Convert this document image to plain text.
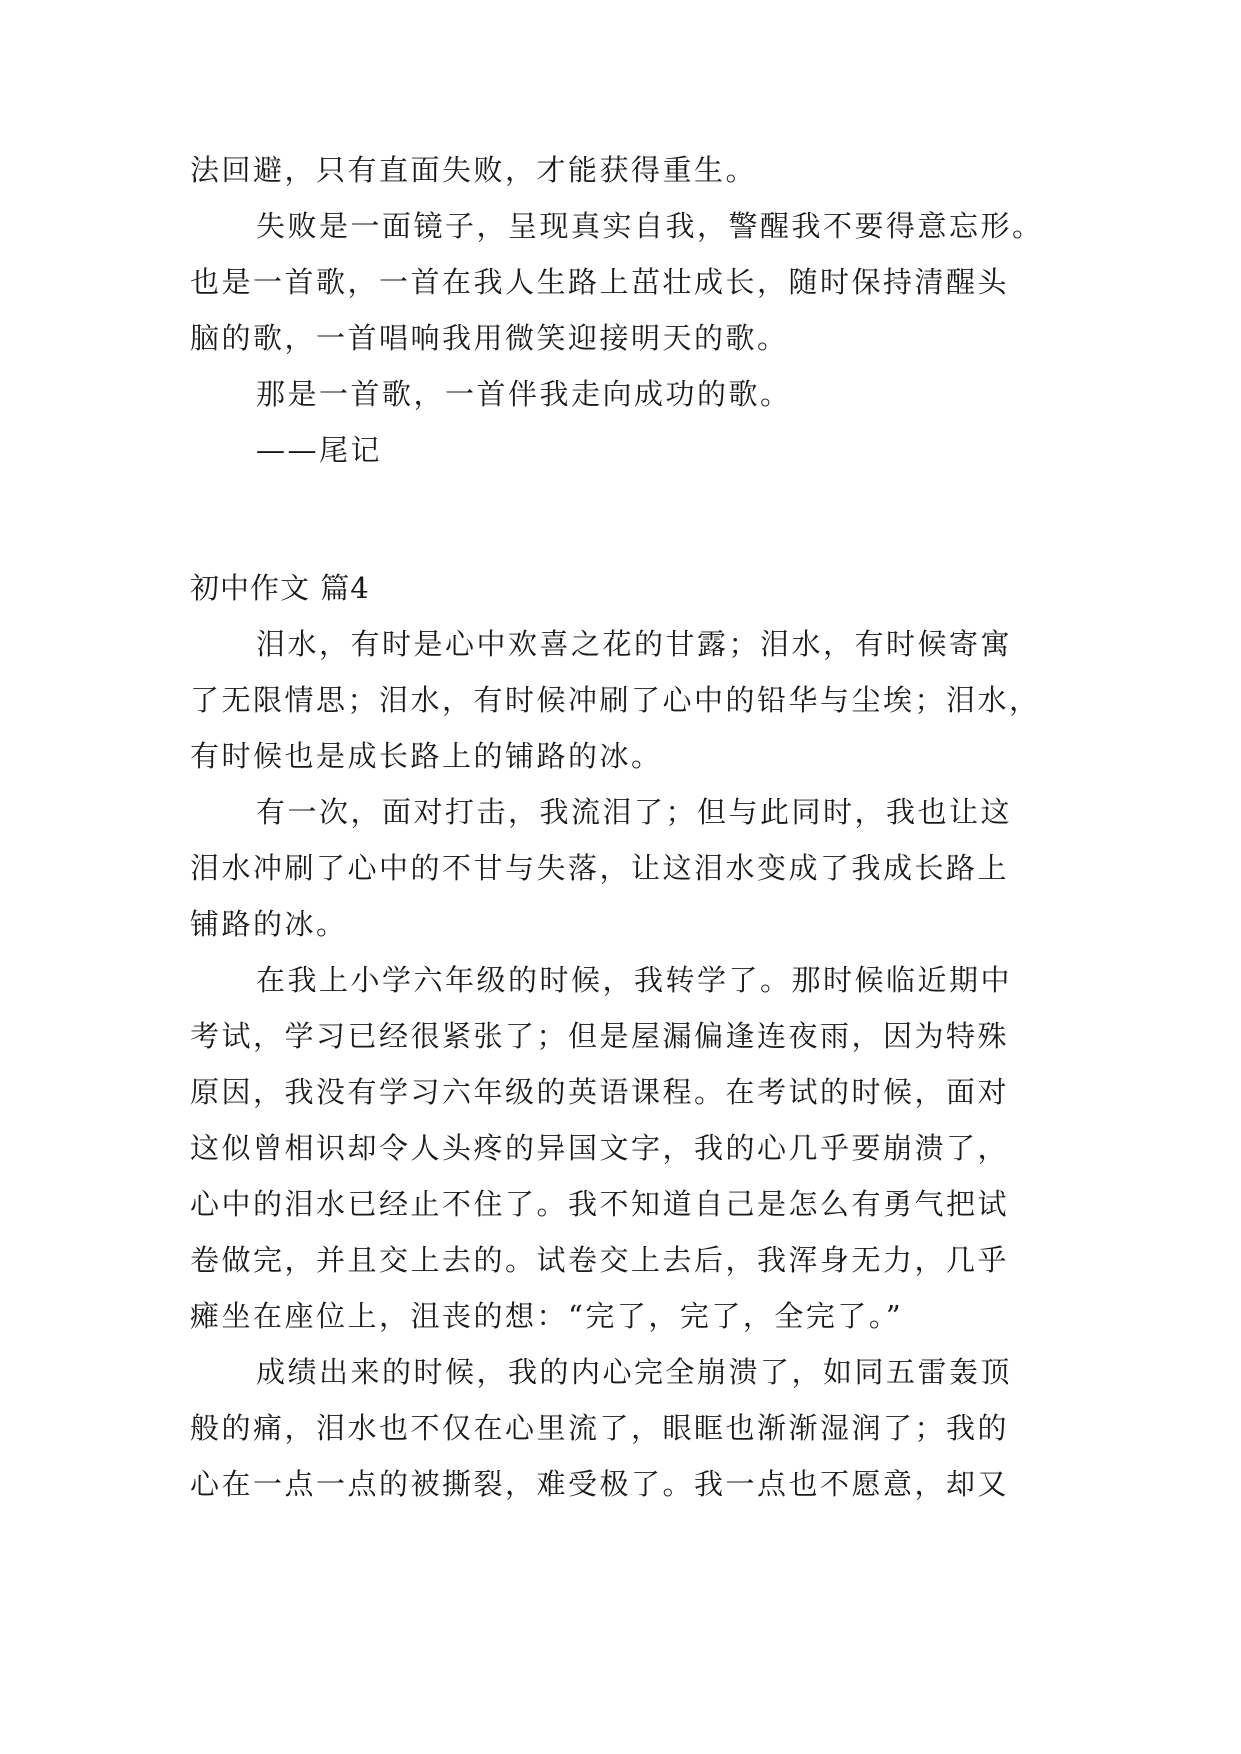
法回避，只有直面失败，才能获得重生。
失败是一面镜子，呈现真实自我，警醒我不要得意忘形。
也是一首歌，一首在我人生路上茁壮成长，随时保持清醒头
脑的歌，一首唱响我用微笑迎接明天的歌。
那是一首歌，一首伴我走向成功的歌。
——尾记
初中作文 篇4
泪水，有时是心中欢喜之花的甘露；泪水，有时候寄寓
了无限情思；泪水，有时候冲刷了心中的铅华与尘埃；泪水，
有时候也是成长路上的铺路的冰。
有一次，面对打击，我流泪了；但与此同时，我也让这
泪水冲刷了心中的不甘与失落，让这泪水变成了我成长路上
铺路的冰。
在我上小学六年级的时候，我转学了。那时候临近期中
考试，学习已经很紧张了；但是屋漏偏逢连夜雨，因为特殊
原因，我没有学习六年级的英语课程。在考试的时候，面对
这似曾相识却令人头疼的异国文字，我的心几乎要崩溃了，
心中的泪水已经止不住了。我不知道自己是怎么有勇气把试
卷做完，并且交上去的。试卷交上去后，我浑身无力，几乎
瘫坐在座位上，沮丧的想：“完了，完了，全完了。”
成绩出来的时候，我的内心完全崩溃了，如同五雷轰顶
般的痛，泪水也不仅在心里流了，眼眶也渐渐湿润了；我的
心在一点一点的被撕裂，难受极了。我一点也不愿意，却又
